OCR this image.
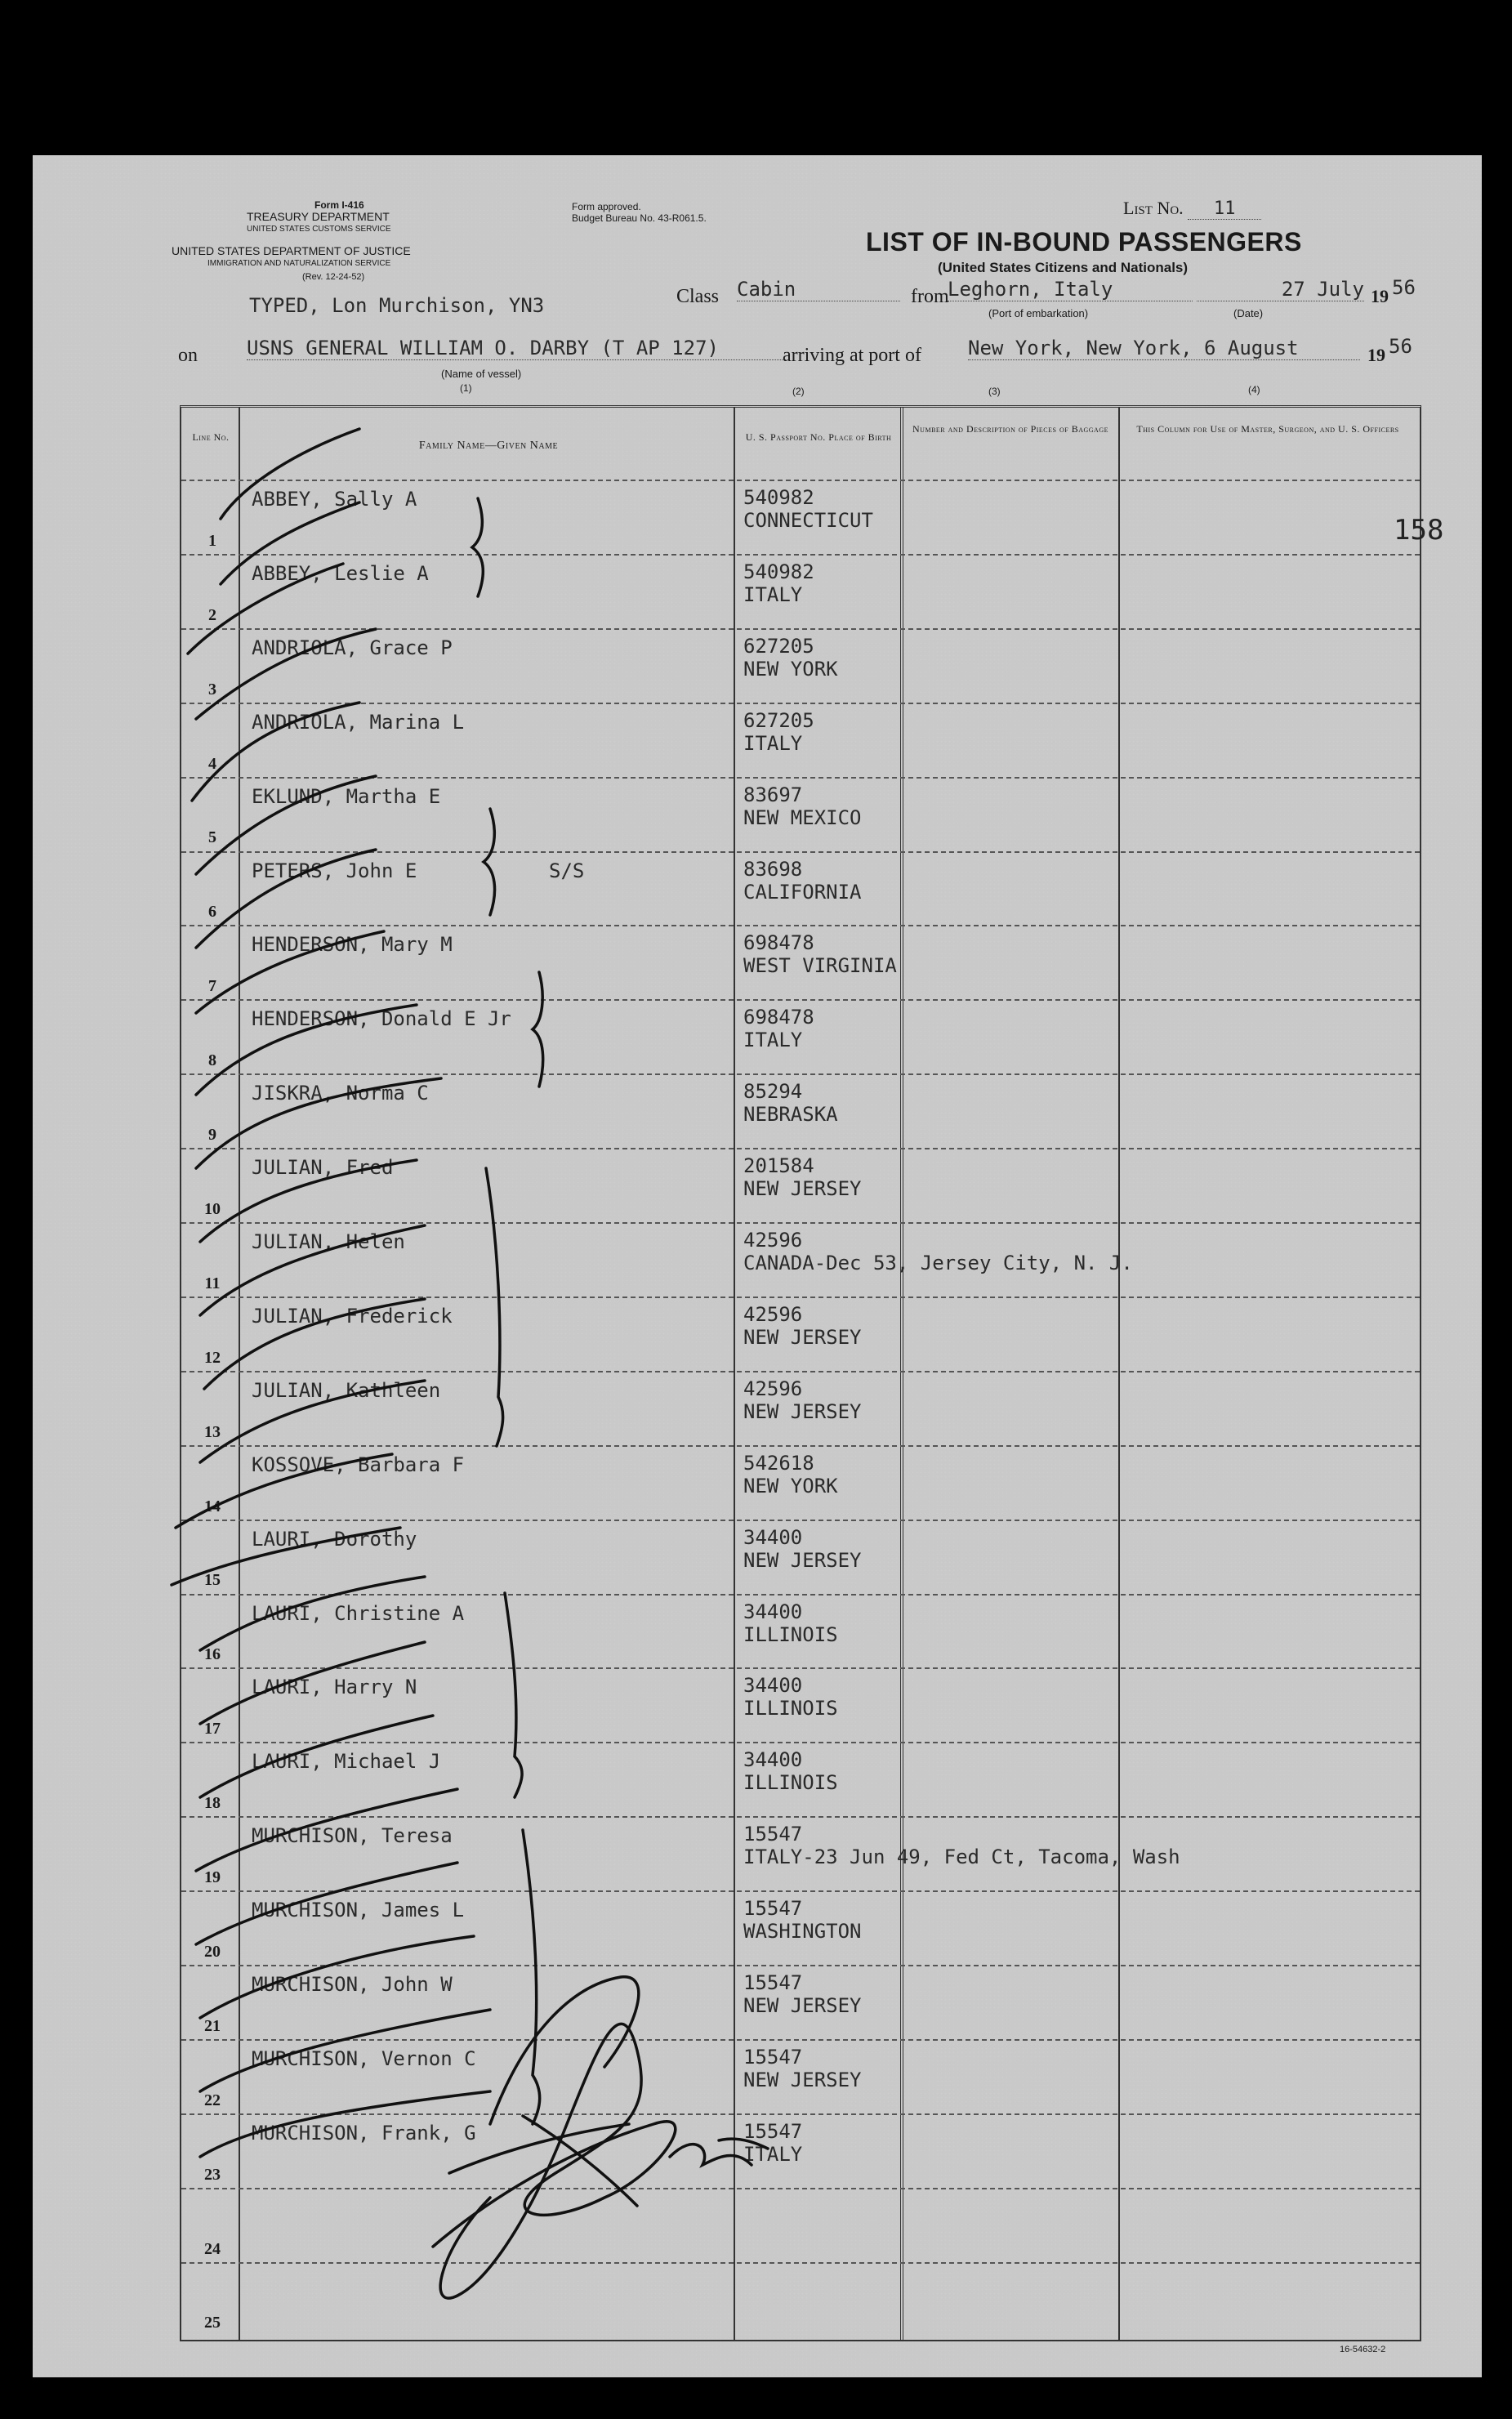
Form I-416
TREASURY DEPARTMENT
UNITED STATES CUSTOMS SERVICE
UNITED STATES DEPARTMENT OF JUSTICE
IMMIGRATION AND NATURALIZATION SERVICE
(Rev. 12-24-52)
Form approved.
Budget Bureau No. 43-R061.5.	List No. 11
LIST OF IN-BOUND PASSENGERS
(United States Citizens and Nationals)
TYPED, Lon Murchison, YN3	Class Cabin	from
Leghorn, Italy	27 July 19 56
(Port of embarkation)	(Date)
on	USNS GENERAL WILLIAM O. DARBY (T AP 127)	arriving at port of New York, New York, 6 August	19 56
(Name of vessel)
(1)	(2)	(3)	(4)
Line No.
Family Name—Given Name
U. S. Passport No. Place of Birth
Number and Description of Pieces of Baggage	This Column for Use of Master, Surgeon, and U. S. Officers
158
1
ABBEY, Sally A	540982
CONNECTICUT
2
ABBEY, Leslie A	540982
ITALY
3
ANDRIOLA, Grace P	627205
NEW YORK
4
ANDRIOLA, Marina L	627205
ITALY
5
EKLUND, Martha E	83697
NEW MEXICO
6
PETERS, John E	S/S	83698
CALIFORNIA
7
HENDERSON, Mary M	698478
WEST VIRGINIA
8
HENDERSON, Donald E Jr	698478
ITALY
9
JISKRA, Norma C	85294
NEBRASKA
10
JULIAN, Fred	201584
NEW JERSEY
11
JULIAN, Helen	42596
CANADA-Dec 53, Jersey City, N. J.
12
JULIAN, Frederick	42596
NEW JERSEY
13
JULIAN, Kathleen	42596
NEW JERSEY
14
KOSSOVE, Barbara F	542618
NEW YORK
15
LAURI, Dorothy	34400
NEW JERSEY
16
LAURI, Christine A	34400
ILLINOIS
17
LAURI, Harry N	34400
ILLINOIS
18
LAURI, Michael J	34400
ILLINOIS
19
MURCHISON, Teresa	15547
ITALY-23 Jun 49, Fed Ct, Tacoma, Wash
20
MURCHISON, James L	15547
WASHINGTON
21
MURCHISON, John W	15547
NEW JERSEY
22
MURCHISON, Vernon C	15547
NEW JERSEY
23
MURCHISON, Frank, G	15547
ITALY
24
25
16-54632-2
